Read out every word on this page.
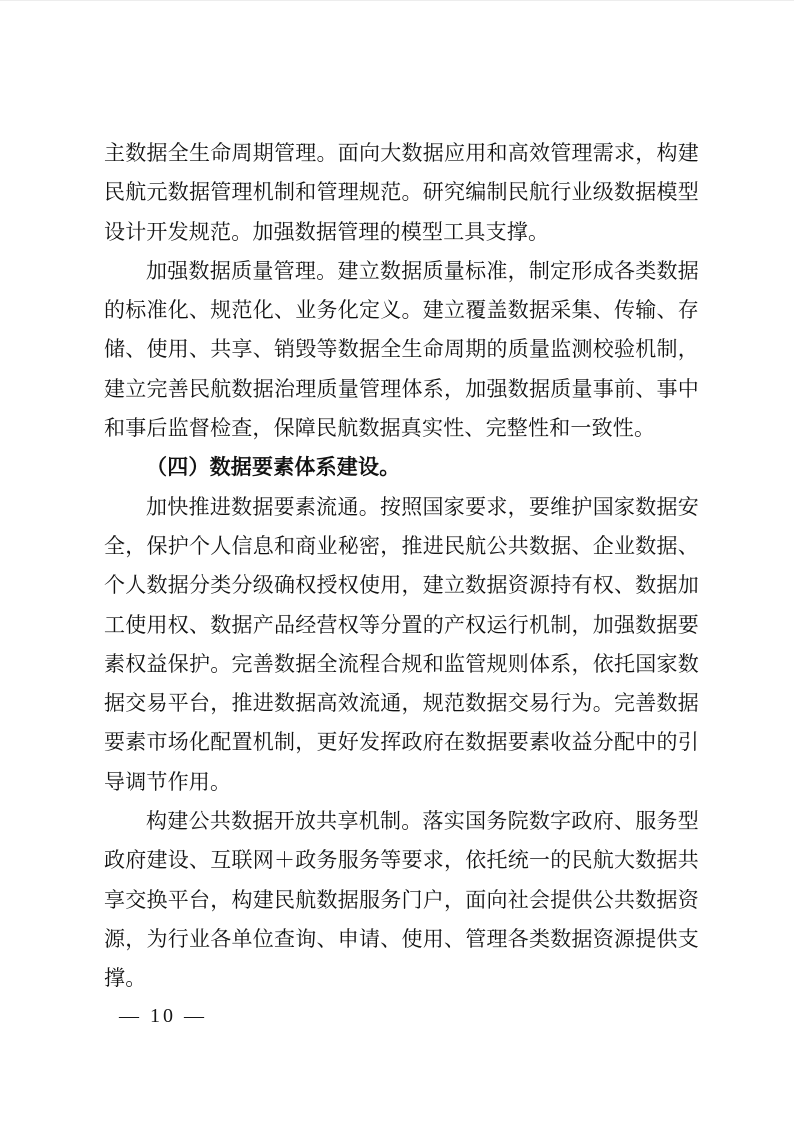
主数据全生命周期管理。面向大数据应用和高效管理需求，构建民航元数据管理机制和管理规范。研究编制民航行业级数据模型设计开发规范。加强数据管理的模型工具支撑。

加强数据质量管理。建立数据质量标准，制定形成各类数据的标准化、规范化、业务化定义。建立覆盖数据采集、传输、存储、使用、共享、销毁等数据全生命周期的质量监测校验机制，建立完善民航数据治理质量管理体系，加强数据质量事前、事中和事后监督检查，保障民航数据真实性、完整性和一致性。

（四）数据要素体系建设。

加快推进数据要素流通。按照国家要求，要维护国家数据安全，保护个人信息和商业秘密，推进民航公共数据、企业数据、个人数据分类分级确权授权使用，建立数据资源持有权、数据加工使用权、数据产品经营权等分置的产权运行机制，加强数据要素权益保护。完善数据全流程合规和监管规则体系，依托国家数据交易平台，推进数据高效流通，规范数据交易行为。完善数据要素市场化配置机制，更好发挥政府在数据要素收益分配中的引导调节作用。

构建公共数据开放共享机制。落实国务院数字政府、服务型政府建设、互联网＋政务服务等要求，依托统一的民航大数据共享交换平台，构建民航数据服务门户，面向社会提供公共数据资源，为行业各单位查询、申请、使用、管理各类数据资源提供支撑。

— 10 —
